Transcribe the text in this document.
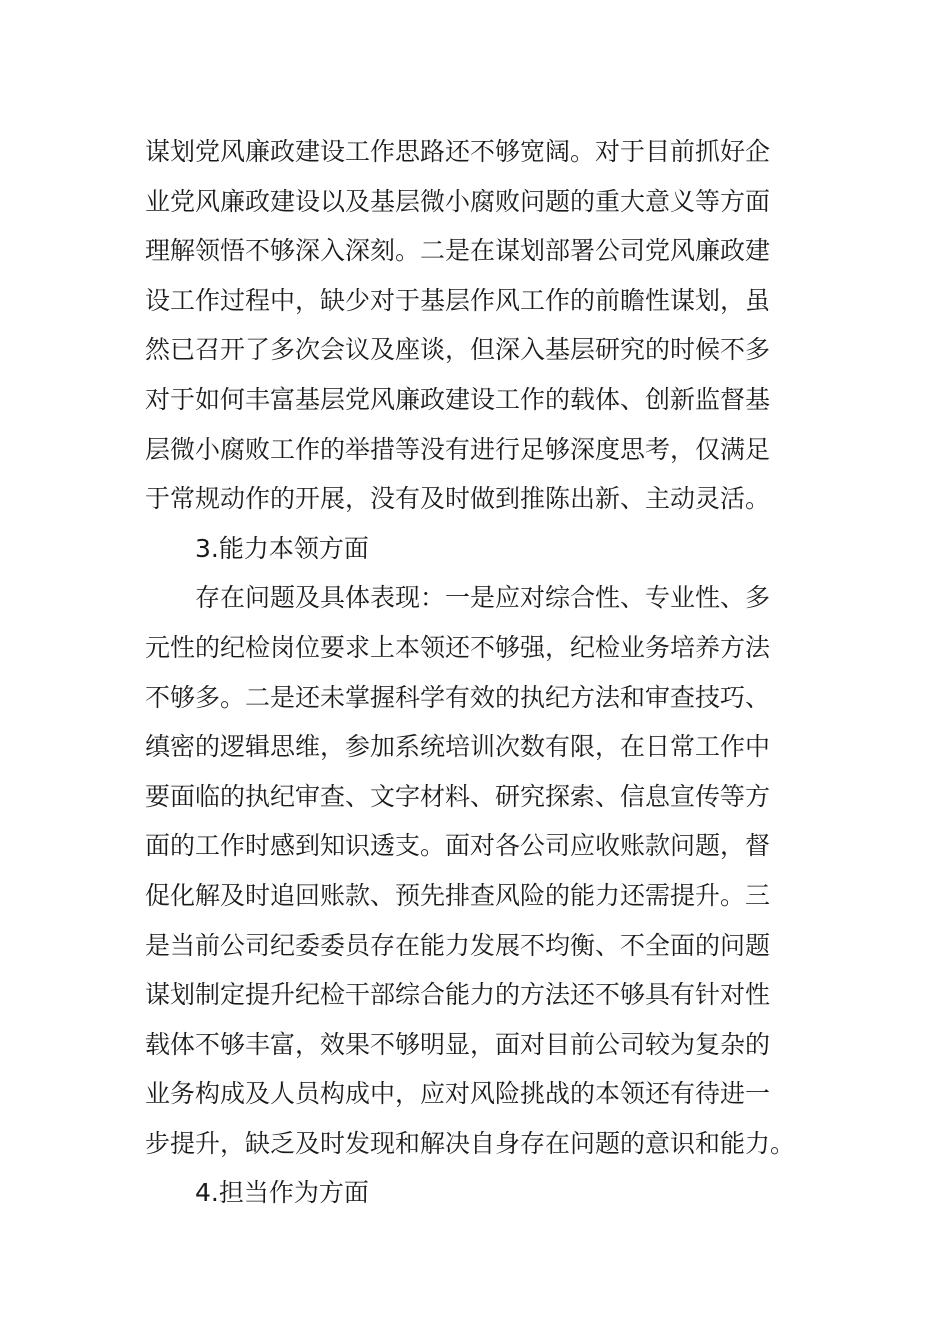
谋划党风廉政建设工作思路还不够宽阔。对于目前抓好企
业党风廉政建设以及基层微小腐败问题的重大意义等方面
理解领悟不够深入深刻。二是在谋划部署公司党风廉政建
设工作过程中，缺少对于基层作风工作的前瞻性谋划，虽
然已召开了多次会议及座谈，但深入基层研究的时候不多
对于如何丰富基层党风廉政建设工作的载体、创新监督基
层微小腐败工作的举措等没有进行足够深度思考，仅满足
于常规动作的开展，没有及时做到推陈出新、主动灵活。
3.能力本领方面
存在问题及具体表现：一是应对综合性、专业性、多
元性的纪检岗位要求上本领还不够强，纪检业务培养方法
不够多。二是还未掌握科学有效的执纪方法和审查技巧、
缜密的逻辑思维，参加系统培训次数有限，在日常工作中
要面临的执纪审查、文字材料、研究探索、信息宣传等方
面的工作时感到知识透支。面对各公司应收账款问题，督
促化解及时追回账款、预先排查风险的能力还需提升。三
是当前公司纪委委员存在能力发展不均衡、不全面的问题
谋划制定提升纪检干部综合能力的方法还不够具有针对性
载体不够丰富，效果不够明显，面对目前公司较为复杂的
业务构成及人员构成中，应对风险挑战的本领还有待进一
步提升，缺乏及时发现和解决自身存在问题的意识和能力。
4.担当作为方面
